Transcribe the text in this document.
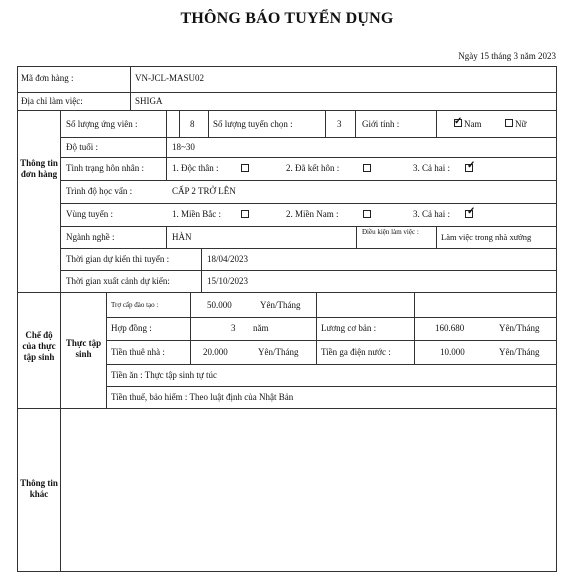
THÔNG BÁO TUYỂN DỤNG
Ngày 15 tháng 3 năm 2023
Mã đơn hàng :	VN-JCL-MASU02
Địa chỉ làm việc:	SHIGA
Thông tin đơn hàng
Số lượng ứng viên :	8 Số lượng tuyển chọn :	3 Giới tính :	✓ Nam	Nữ
Độ tuổi :	18~30
Tình trạng hôn nhân :	1. Độc thân :	2. Đã kết hôn :	3. Cả hai : ✓
Trình độ học vấn :	CẤP 2 TRỞ LÊN
Vùng tuyển :	1. Miền Bắc :	2. Miền Nam :	3. Cả hai : ✓
Ngành nghề :	HÀN	Điều kiện làm việc :	Làm việc trong nhà xưởng
Thời gian dự kiến thi tuyển :	18/04/2023
Thời gian xuất cảnh dự kiến:	15/10/2023
Chế độ của thực tập sinh
Thực tập sinh
Trợ cấp đào tạo :	50.000	Yên/Tháng
Hợp đồng :	3 năm	Lương cơ bản :	160.680	Yên/Tháng
Tiền thuê nhà :	20.000	Yên/Tháng	Tiền ga điện nước :	10.000	Yên/Tháng
Tiền ăn : Thực tập sinh tự túc
Tiền thuế, bảo hiểm : Theo luật định của Nhật Bản
Thông tin khác
